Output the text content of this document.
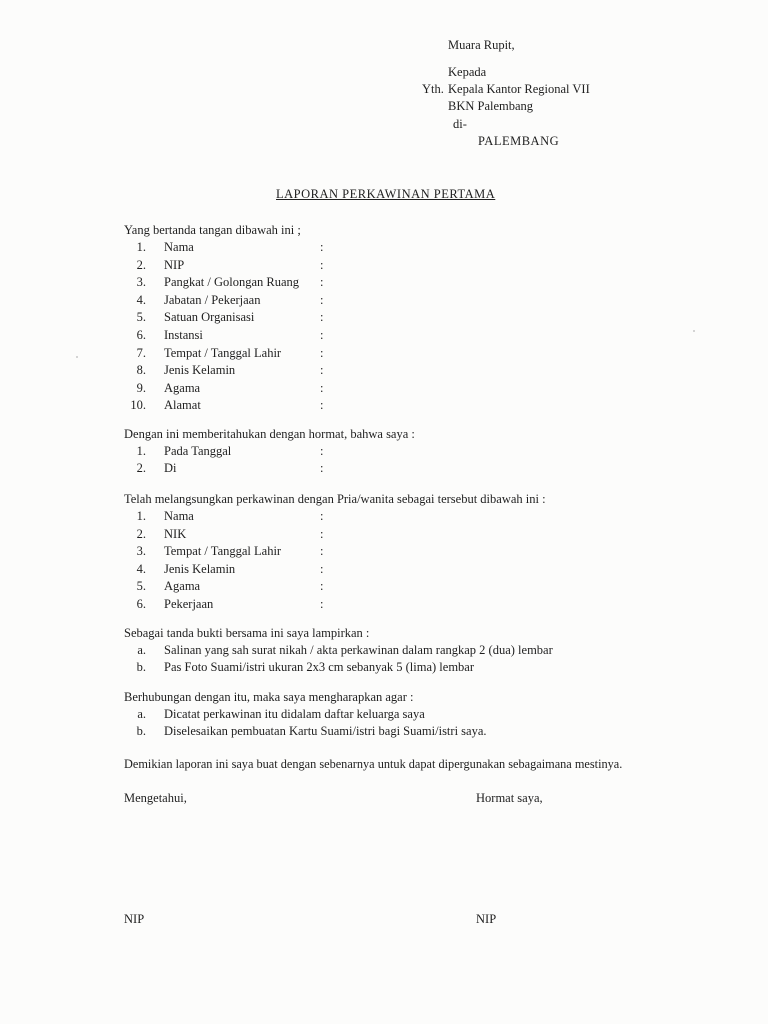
Muara Rupit,
Kepada
Yth. Kepala Kantor Regional VII
BKN Palembang
di-
PALEMBANG
LAPORAN PERKAWINAN PERTAMA
Yang bertanda tangan dibawah ini ;
1. Nama	:
2. NIP	:
3. Pangkat / Golongan Ruang :
4. Jabatan / Pekerjaan	:
5. Satuan Organisasi	:
6. Instansi	:
7. Tempat / Tanggal Lahir	:
8. Jenis Kelamin	:
9. Agama	:
10. Alamat	:
Dengan ini memberitahukan dengan hormat, bahwa saya :
1. Pada Tanggal	:
2. Di	:
Telah melangsungkan perkawinan dengan Pria/wanita sebagai tersebut dibawah ini :
1. Nama	:
2. NIK	:
3. Tempat / Tanggal Lahir	:
4. Jenis Kelamin	:
5. Agama	:
6. Pekerjaan	:
Sebagai tanda bukti bersama ini saya lampirkan :
a. Salinan yang sah surat nikah / akta perkawinan dalam rangkap 2 (dua) lembar
b. Pas Foto Suami/istri ukuran 2x3 cm sebanyak 5 (lima) lembar
Berhubungan dengan itu, maka saya mengharapkan agar :
a. Dicatat perkawinan itu didalam daftar keluarga saya
b. Diselesaikan pembuatan Kartu Suami/istri bagi Suami/istri saya.
Demikian laporan ini saya buat dengan sebenarnya untuk dapat dipergunakan sebagaimana mestinya.
Mengetahui,	Hormat saya,
NIP	NIP
